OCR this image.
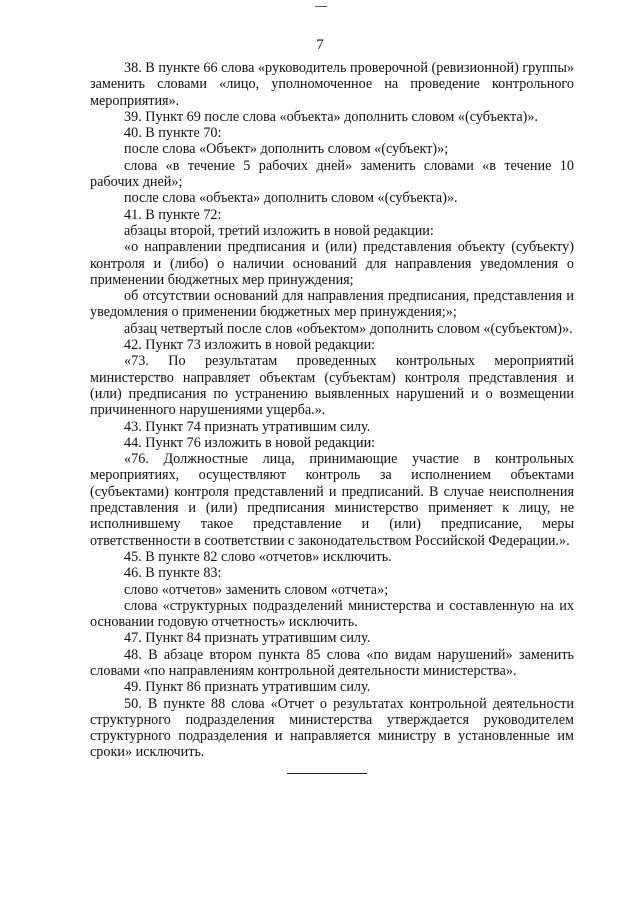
7

38. В пункте 66 слова «руководитель проверочной (ревизионной) группы» заменить словами «лицо, уполномоченное на проведение контрольного мероприятия».

39. Пункт 69 после слова «объекта» дополнить словом «(субъекта)».

40. В пункте 70:

после слова «Объект» дополнить словом «(субъект)»;

слова «в течение 5 рабочих дней» заменить словами «в течение 10 рабочих дней»;

после слова «объекта» дополнить словом «(субъекта)».

41. В пункте 72:

абзацы второй, третий изложить в новой редакции:

«о направлении предписания и (или) представления объекту (субъекту) контроля и (либо) о наличии оснований для направления уведомления о применении бюджетных мер принуждения;

об отсутствии оснований для направления предписания, представления и уведомления о применении бюджетных мер принуждения;»;

абзац четвертый после слов «объектом» дополнить словом «(субъектом)».

42. Пункт 73 изложить в новой редакции:

«73. По результатам проведенных контрольных мероприятий министерство направляет объектам (субъектам) контроля представления и (или) предписания по устранению выявленных нарушений и о возмещении причиненного нарушениями ущерба.».

43. Пункт 74 признать утратившим силу.

44. Пункт 76 изложить в новой редакции:

«76. Должностные лица, принимающие участие в контрольных мероприятиях, осуществляют контроль за исполнением объектами (субъектами) контроля представлений и предписаний. В случае неисполнения представления и (или) предписания министерство применяет к лицу, не исполнившему такое представление и (или) предписание, меры ответственности в соответствии с законодательством Российской Федерации.».

45. В пункте 82 слово «отчетов» исключить.

46. В пункте 83:

слово «отчетов» заменить словом «отчета»;

слова «структурных подразделений министерства и составленную на их основании годовую отчетность» исключить.

47. Пункт 84 признать утратившим силу.

48. В абзаце втором пункта 85 слова «по видам нарушений» заменить словами «по направлениям контрольной деятельности министерства».

49. Пункт 86 признать утратившим силу.

50. В пункте 88 слова «Отчет о результатах контрольной деятельности структурного подразделения министерства утверждается руководителем структурного подразделения и направляется министру в установленные им сроки» исключить.
